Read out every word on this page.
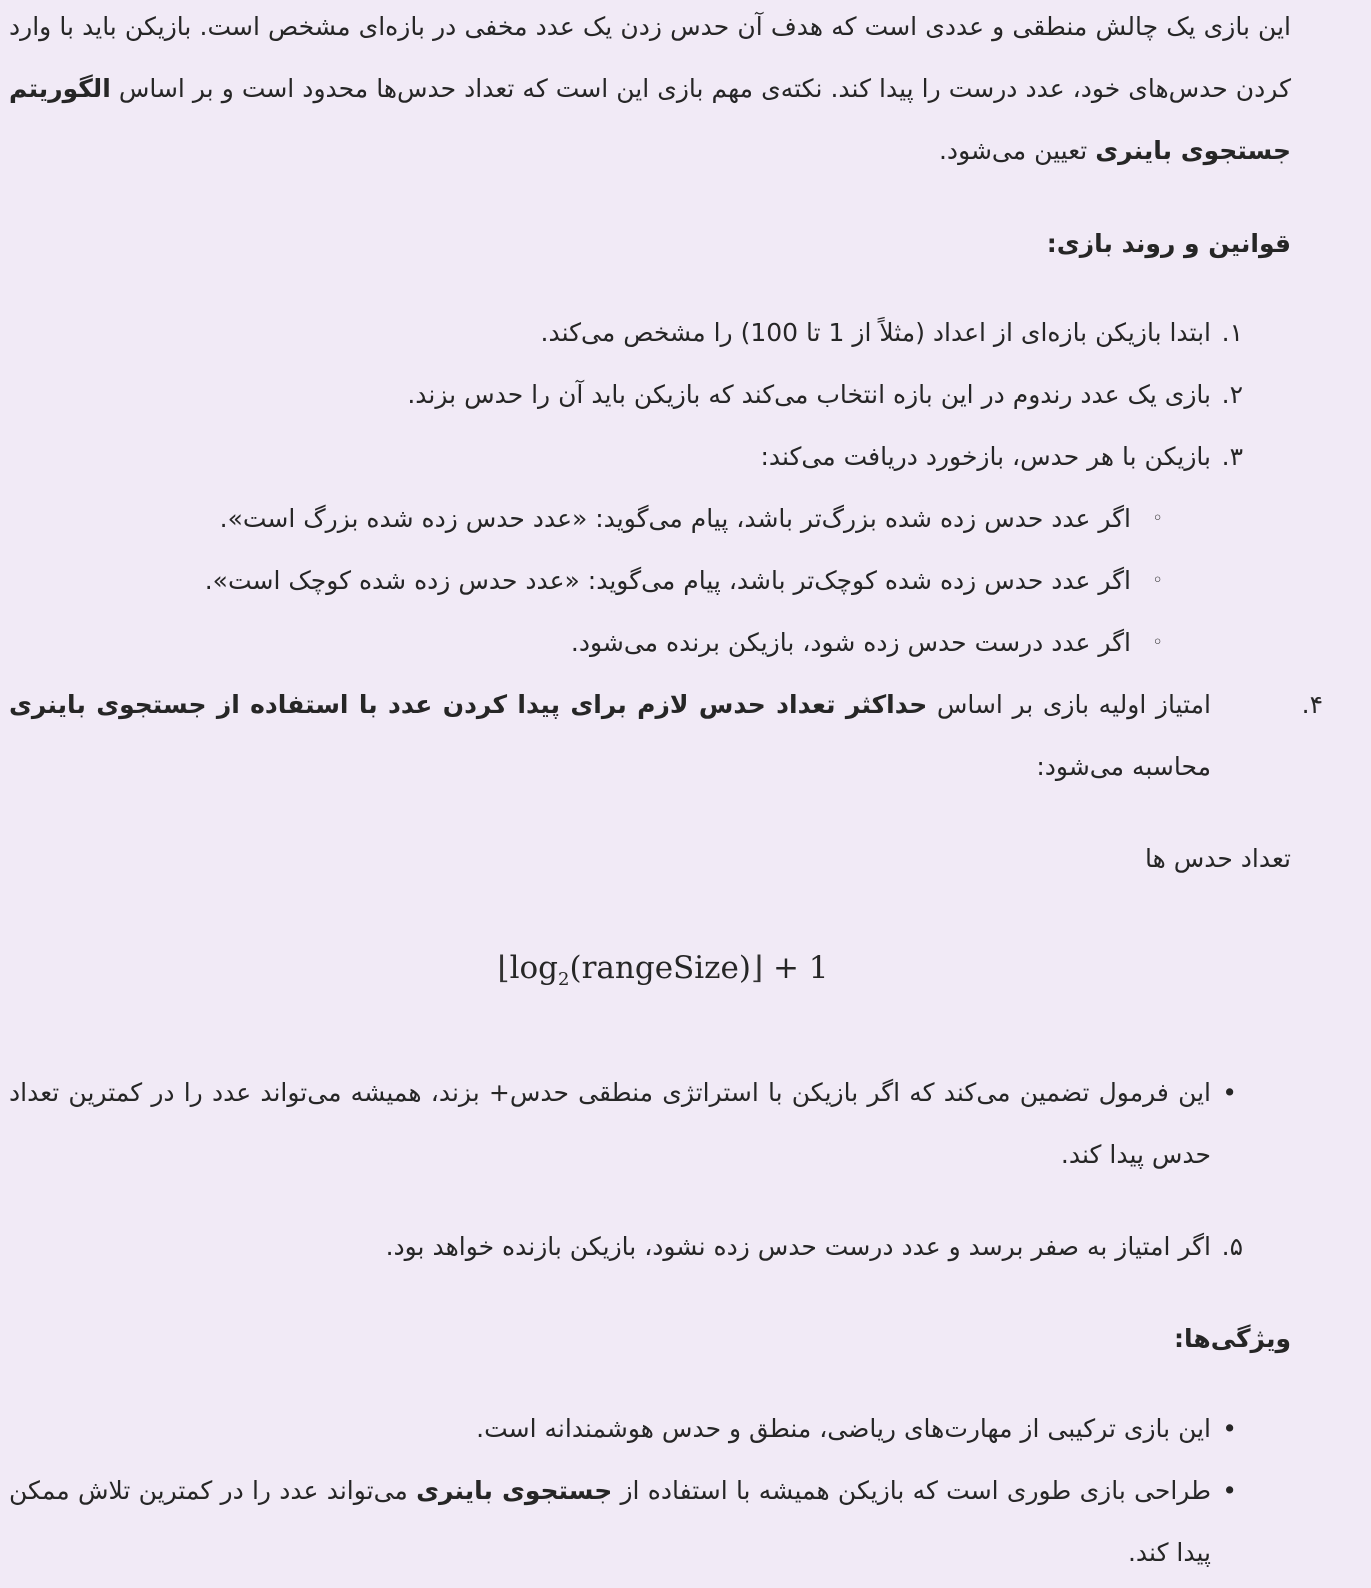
این بازی یک چالش منطقی و عددی است که هدف آن حدس زدن یک عدد مخفی در بازه‌ای مشخص است. بازیکن باید با وارد کردن حدس‌های خود، عدد درست را پیدا کند. نکته‌ی مهم بازی این است که تعداد حدس‌ها محدود است و بر اساس الگوریتم جستجوی باینری تعیین می‌شود.

قوانین و روند بازی:

۱.
ابتدا بازیکن بازه‌ای از اعداد (مثلاً از 1 تا 100) را مشخص می‌کند.
۲.
بازی یک عدد رندوم در این بازه انتخاب می‌کند که بازیکن باید آن را حدس بزند.
۳.
بازیکن با هر حدس، بازخورد دریافت می‌کند:
◦
اگر عدد حدس زده شده بزرگ‌تر باشد، پیام می‌گوید: «عدد حدس زده شده بزرگ است».
◦
اگر عدد حدس زده شده کوچک‌تر باشد، پیام می‌گوید: «عدد حدس زده شده کوچک است».
◦
اگر عدد درست حدس زده شود، بازیکن برنده می‌شود.
۴.
امتیاز اولیه بازی بر اساس حداکثر تعداد حدس لازم برای پیدا کردن عدد با استفاده از جستجوی باینری محاسبه می‌شود:

تعداد حدس ها

$⌊\log_2(rangeSize)⌋ + 1$

•
این فرمول تضمین می‌کند که اگر بازیکن با استراتژی منطقی حدس+ بزند، همیشه می‌تواند عدد را در کمترین تعداد حدس پیدا کند.
۵.
اگر امتیاز به صفر برسد و عدد درست حدس زده نشود، بازیکن بازنده خواهد بود.

ویژگی‌ها:

•
این بازی ترکیبی از مهارت‌های ریاضی، منطق و حدس هوشمندانه است.
•
طراحی بازی طوری است که بازیکن همیشه با استفاده از جستجوی باینری می‌تواند عدد را در کمترین تلاش ممکن پیدا کند.
